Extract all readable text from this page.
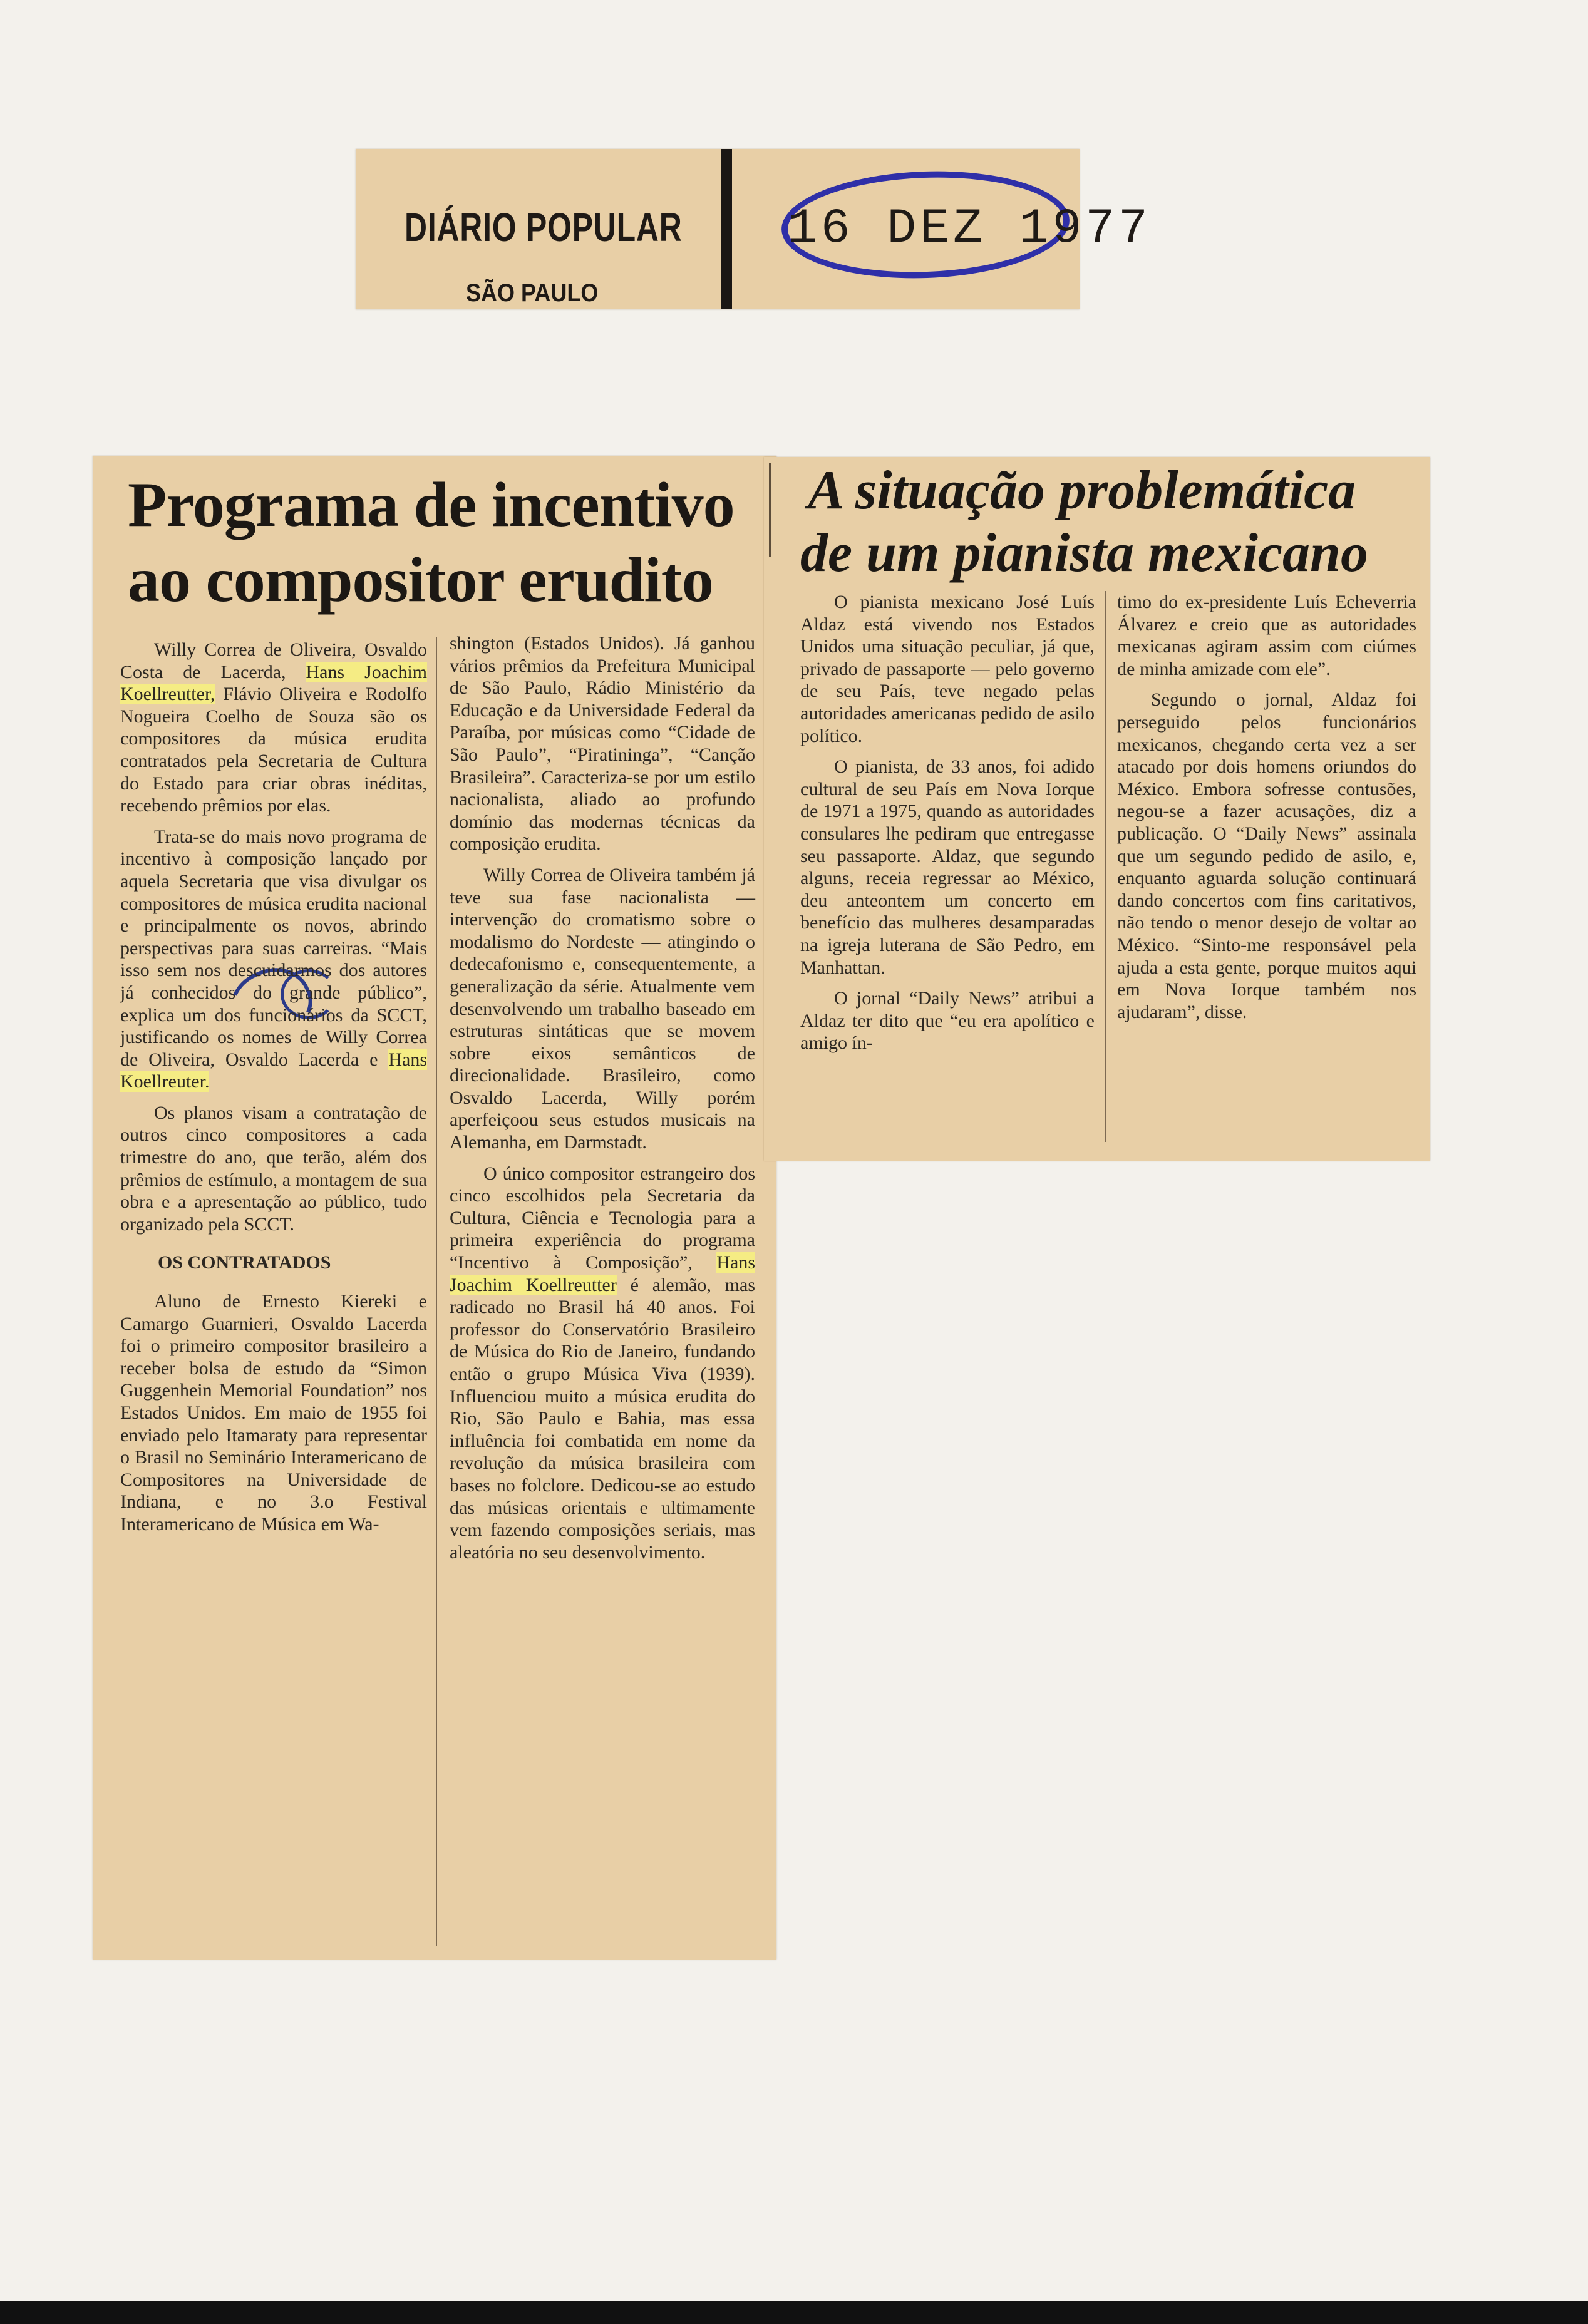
DIÁRIO POPULAR
SÃO PAULO
16 DEZ 1977
Programa de incentivo
ao compositor erudito

Willy Correa de Oliveira, Osvaldo Costa de Lacerda, Hans Joachim Koellreutter, Flávio Oliveira e Rodolfo Nogueira Coelho de Souza são os compositores da música erudita contratados pela Secretaria de Cultura do Estado para criar obras inéditas, recebendo prêmios por elas.

Trata-se do mais novo programa de incentivo à composição lançado por aquela Secretaria que visa divulgar os compositores de música erudita nacional e principalmente os novos, abrindo perspectivas para suas carreiras. “Mais isso sem nos descuidarmos dos autores já conhecidos do grande público”, explica um dos funcionários da SCCT, justificando os nomes de Willy Correa de Oliveira, Osvaldo Lacerda e Hans Koellreuter.

Os planos visam a contratação de outros cinco compositores a cada trimestre do ano, que terão, além dos prêmios de estímulo, a montagem de sua obra e a apresentação ao público, tudo organizado pela SCCT.

OS CONTRATADOS

Aluno de Ernesto Kiereki e Camargo Guarnieri, Osvaldo Lacerda foi o primeiro compositor brasileiro a receber bolsa de estudo da “Simon Guggenhein Memorial Foundation” nos Estados Unidos. Em maio de 1955 foi enviado pelo Itamaraty para representar o Brasil no Seminário Interamericano de Compositores na Universidade de Indiana, e no 3.o Festival Interamericano de Música em Wa-

shington (Estados Unidos). Já ganhou vários prêmios da Prefeitura Municipal de São Paulo, Rádio Ministério da Educação e da Universidade Federal da Paraíba, por músicas como “Cidade de São Paulo”, “Piratininga”, “Canção Brasileira”. Caracteriza-se por um estilo nacionalista, aliado ao profundo domínio das modernas técnicas da composição erudita.

Willy Correa de Oliveira também já teve sua fase nacionalista — intervenção do cromatismo sobre o modalismo do Nordeste — atingindo o dedecafonismo e, consequentemente, a generalização da série. Atualmente vem desenvolvendo um trabalho baseado em estruturas sintáticas que se movem sobre eixos semânticos de direcionalidade. Brasileiro, como Osvaldo Lacerda, Willy porém aperfeiçoou seus estudos musicais na Alemanha, em Darmstadt.

O único compositor estrangeiro dos cinco escolhidos pela Secretaria da Cultura, Ciência e Tecnologia para a primeira experiência do programa “Incentivo à Composição”, Hans Joachim Koellreutter é alemão, mas radicado no Brasil há 40 anos. Foi professor do Conservatório Brasileiro de Música do Rio de Janeiro, fundando então o grupo Música Viva (1939). Influenciou muito a música erudita do Rio, São Paulo e Bahia, mas essa influência foi combatida em nome da revolução da música brasileira com bases no folclore. Dedicou-se ao estudo das músicas orientais e ultimamente vem fazendo composições seriais, mas aleatória no seu desenvolvimento.

A situação problemática
de um pianista mexicano

O pianista mexicano José Luís Aldaz está vivendo nos Estados Unidos uma situação peculiar, já que, privado de passaporte — pelo governo de seu País, teve negado pelas autoridades americanas pedido de asilo político.

O pianista, de 33 anos, foi adido cultural de seu País em Nova Iorque de 1971 a 1975, quando as autoridades consulares lhe pediram que entregasse seu passaporte. Aldaz, que segundo alguns, receia regressar ao México, deu anteontem um concerto em benefício das mulheres desamparadas na igreja luterana de São Pedro, em Manhattan.

O jornal “Daily News” atribui a Aldaz ter dito que “eu era apolítico e amigo ín-

timo do ex-presidente Luís Echeverria Álvarez e creio que as autoridades mexicanas agiram assim com ciúmes de minha amizade com ele”.

Segundo o jornal, Aldaz foi perseguido pelos funcionários mexicanos, chegando certa vez a ser atacado por dois homens oriundos do México. Embora sofresse contusões, negou-se a fazer acusações, diz a publicação. O “Daily News” assinala que um segundo pedido de asilo, e, enquanto aguarda solução continuará dando concertos com fins caritativos, não tendo o menor desejo de voltar ao México. “Sinto-me responsável pela ajuda a esta gente, porque muitos aqui em Nova Iorque também nos ajudaram”, disse.
